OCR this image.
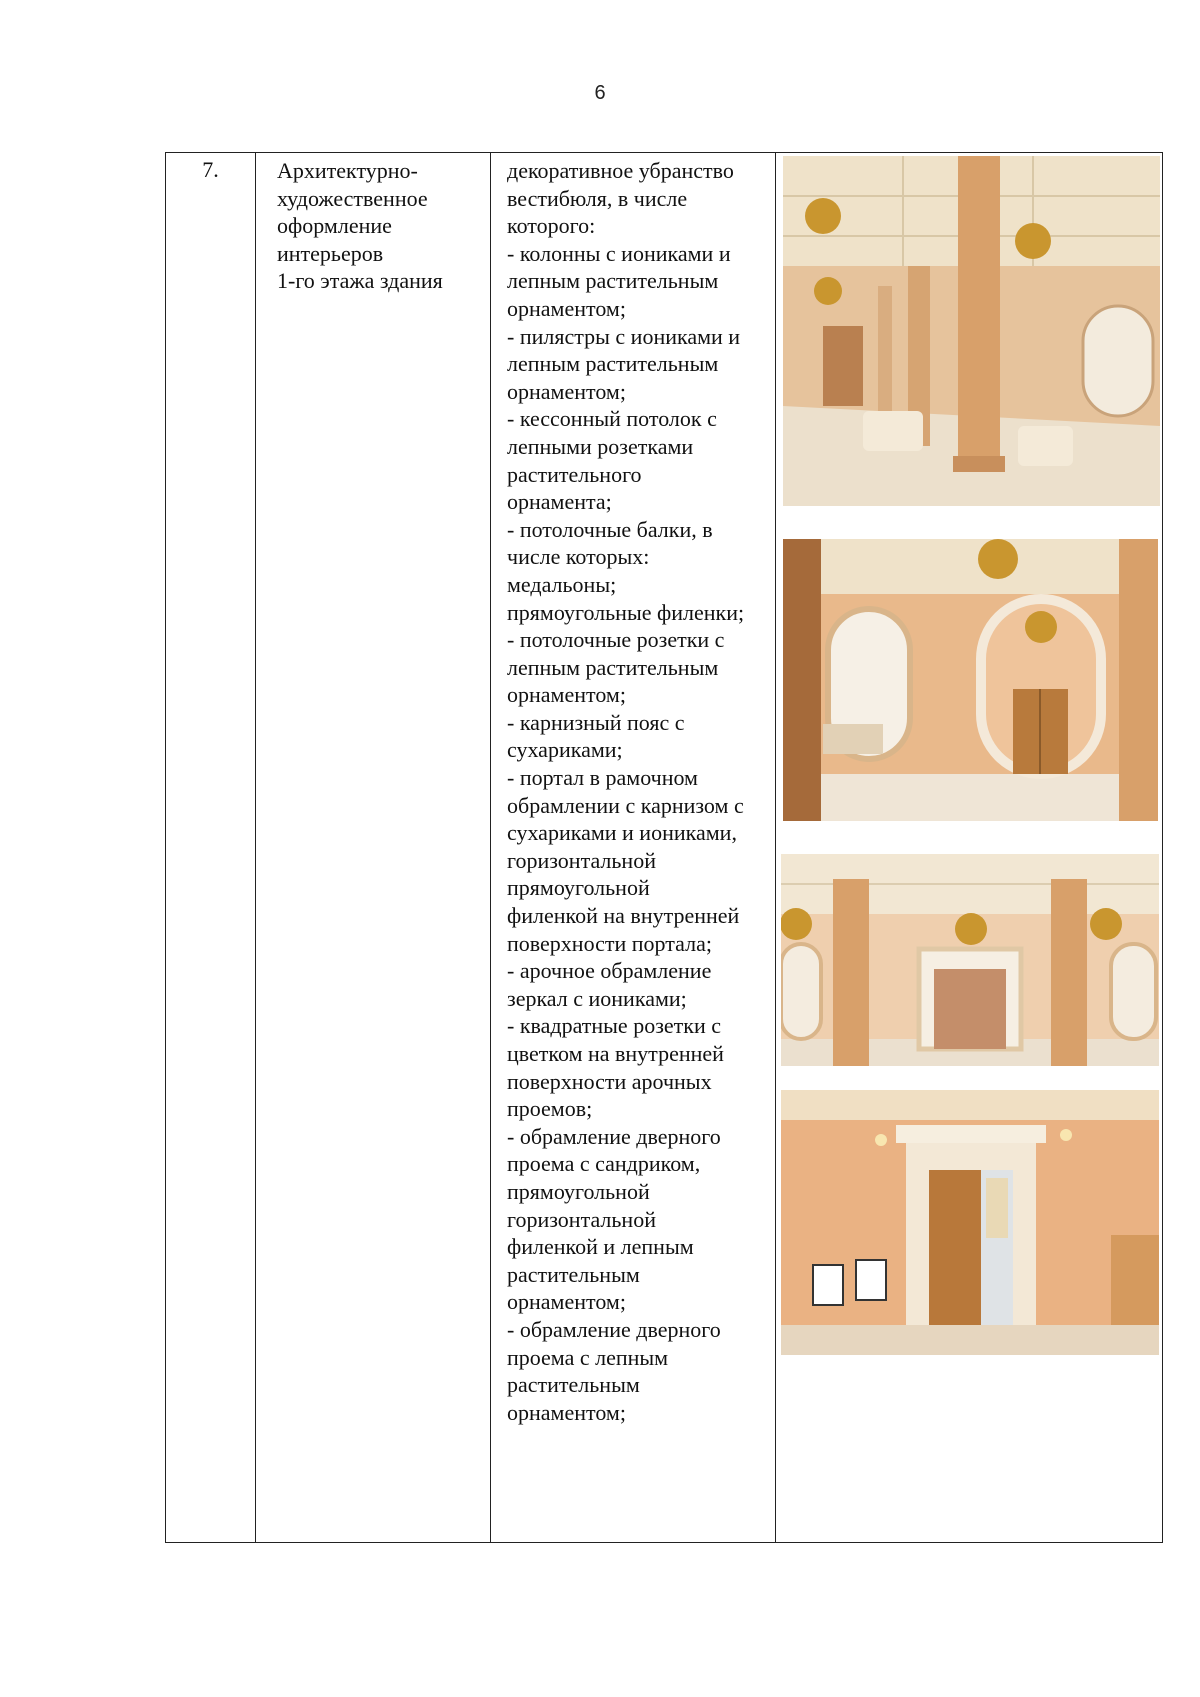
6
7.	Архитектурно-
художественное
оформление
интерьеров
1-го этажа здания

декоративное убранство
вестибюля, в числе
которого:
- колонны с иониками и
лепным растительным
орнаментом;
- пилястры с иониками и
лепным растительным
орнаментом;
- кессонный потолок с
лепными розетками
растительного
орнамента;
- потолочные балки, в
числе которых:
медальоны;
прямоугольные филенки;
- потолочные розетки с
лепным растительным
орнаментом;
- карнизный пояс с
сухариками;
- портал в рамочном
обрамлении с карнизом с
сухариками и иониками,
горизонтальной
прямоугольной
филенкой на внутренней
поверхности портала;
- арочное обрамление
зеркал с иониками;
- квадратные розетки с
цветком на внутренней
поверхности арочных
проемов;
- обрамление дверного
проема с сандриком,
прямоугольной
горизонтальной
филенкой и лепным
растительным
орнаментом;
- обрамление дверного
проема с лепным
растительным
орнаментом;
